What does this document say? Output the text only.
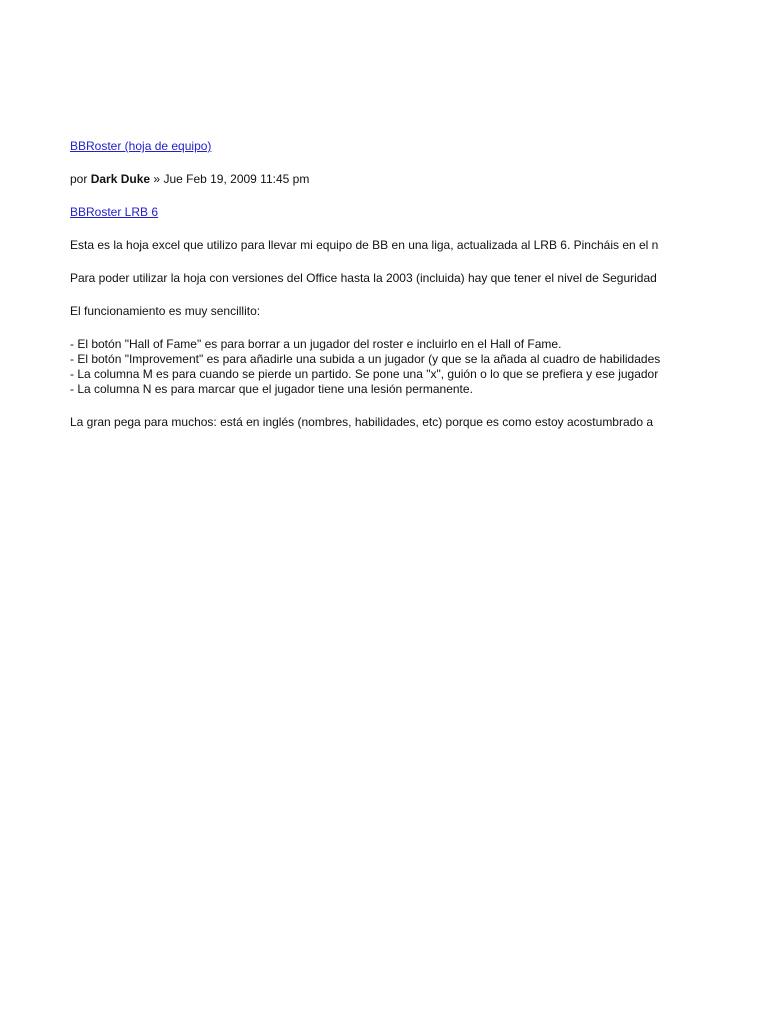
BBRoster (hoja de equipo)
por Dark Duke » Jue Feb 19, 2009 11:45 pm
BBRoster LRB 6
Esta es la hoja excel que utilizo para llevar mi equipo de BB en una liga, actualizada al LRB 6. Pincháis en el n
Para poder utilizar la hoja con versiones del Office hasta la 2003 (incluida) hay que tener el nivel de Seguridad
El funcionamiento es muy sencillito:
- El botón "Hall of Fame" es para borrar a un jugador del roster e incluirlo en el Hall of Fame.
- El botón "Improvement" es para añadirle una subida a un jugador (y que se la añada al cuadro de habilidades
- La columna M es para cuando se pierde un partido. Se pone una "x", guión o lo que se prefiera y ese jugador
- La columna N es para marcar que el jugador tiene una lesión permanente.
La gran pega para muchos: está en inglés (nombres, habilidades, etc) porque es como estoy acostumbrado a
